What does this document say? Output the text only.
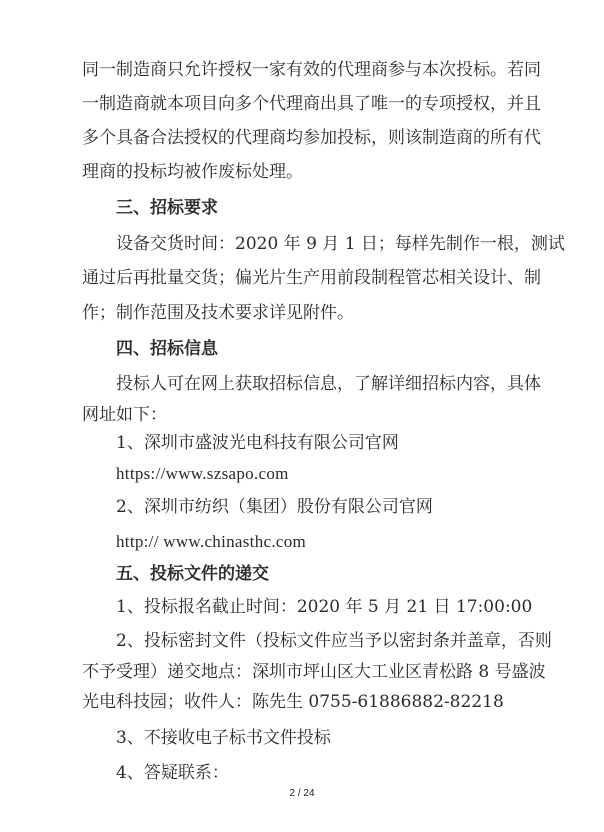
同一制造商只允许授权一家有效的代理商参与本次投标。若同
一制造商就本项目向多个代理商出具了唯一的专项授权，并且
多个具备合法授权的代理商均参加投标，则该制造商的所有代
理商的投标均被作废标处理。
三、招标要求
设备交货时间：2020 年 9 月 1 日；每样先制作一根，测试
通过后再批量交货；偏光片生产用前段制程管芯相关设计、制
作；制作范围及技术要求详见附件。
四、招标信息
投标人可在网上获取招标信息，了解详细招标内容，具体
网址如下：
1、深圳市盛波光电科技有限公司官网
https://www.szsapo.com
2、深圳市纺织（集团）股份有限公司官网
http:// www.chinasthc.com
五、投标文件的递交
1、投标报名截止时间：2020 年 5 月 21 日 17:00:00
2、投标密封文件（投标文件应当予以密封条并盖章，否则
不予受理）递交地点：深圳市坪山区大工业区青松路 8 号盛波
光电科技园；收件人：陈先生 0755-61886882-82218
3、不接收电子标书文件投标
4、答疑联系：
2 / 24
